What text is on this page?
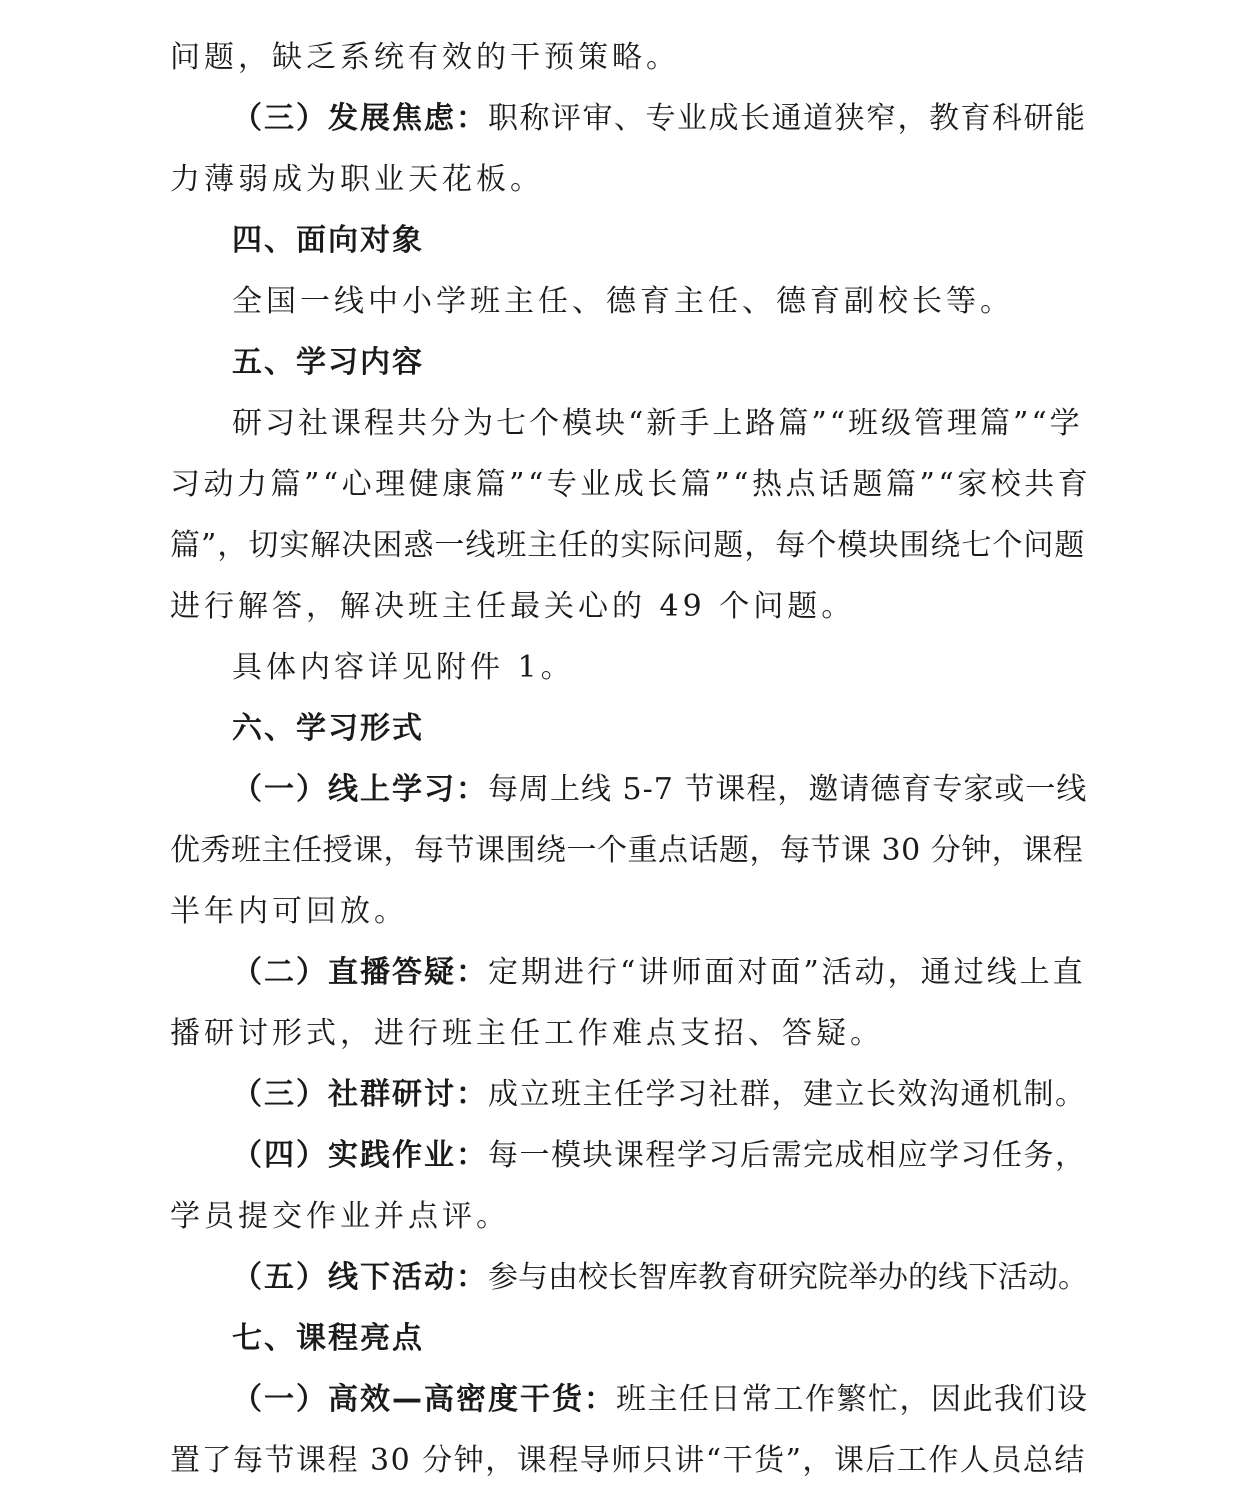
问题，缺乏系统有效的干预策略。
（三）发展焦虑：职称评审、专业成长通道狭窄，教育科研能
力薄弱成为职业天花板。
四、面向对象
全国一线中小学班主任、德育主任、德育副校长等。
五、学习内容
研习社课程共分为七个模块“新手上路篇”“班级管理篇”“学
习动力篇”“心理健康篇”“专业成长篇”“热点话题篇”“家校共育
篇”，切实解决困惑一线班主任的实际问题，每个模块围绕七个问题
进行解答，解决班主任最关心的 49 个问题。
具体内容详见附件 1。
六、学习形式
（一）线上学习：每周上线 5-7 节课程，邀请德育专家或一线
优秀班主任授课，每节课围绕一个重点话题，每节课 30 分钟，课程
半年内可回放。
（二）直播答疑：定期进行“讲师面对面”活动，通过线上直
播研讨形式，进行班主任工作难点支招、答疑。
（三）社群研讨：成立班主任学习社群，建立长效沟通机制。
（四）实践作业：每一模块课程学习后需完成相应学习任务，
学员提交作业并点评。
（五）线下活动：参与由校长智库教育研究院举办的线下活动。
七、课程亮点
（一）高效—高密度干货：班主任日常工作繁忙，因此我们设
置了每节课程 30 分钟，课程导师只讲“干货”，课后工作人员总结
